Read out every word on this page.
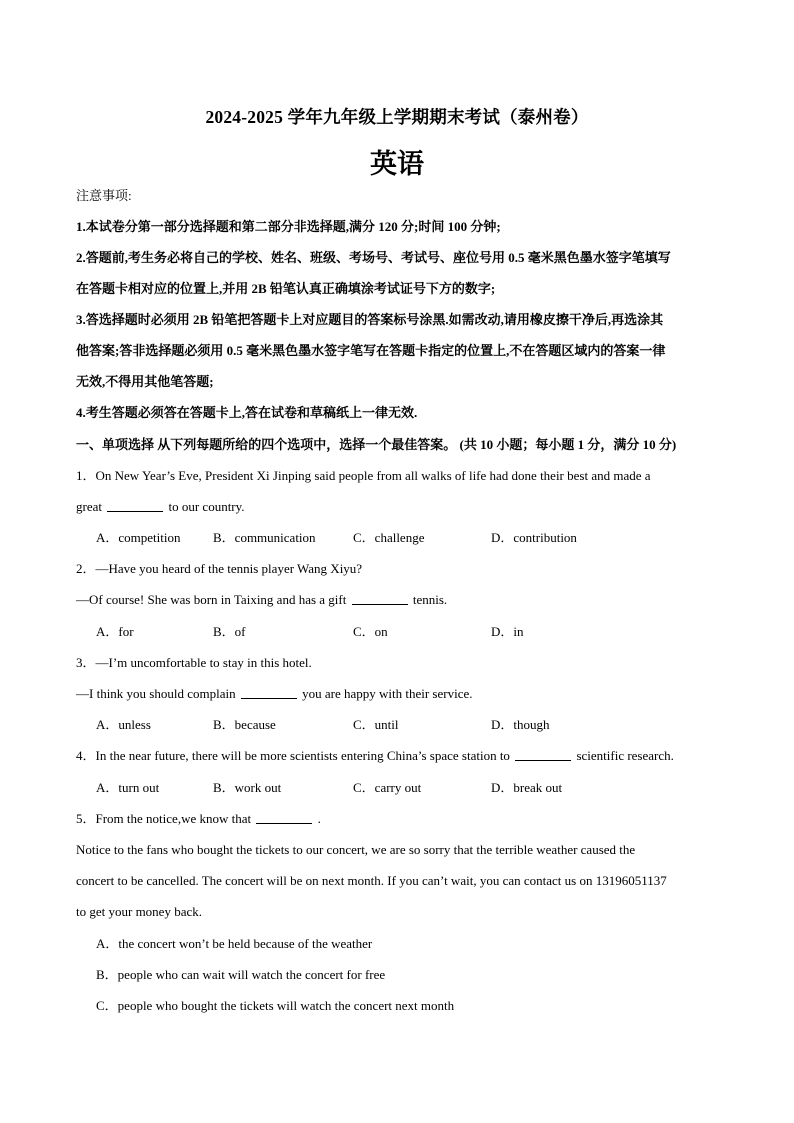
2024-2025 学年九年级上学期期末考试（泰州卷）
英语
注意事项:
1.本试卷分第一部分选择题和第二部分非选择题,满分 120 分;时间 100 分钟;
2.答题前,考生务必将自己的学校、姓名、班级、考场号、考试号、座位号用 0.5 毫米黑色墨水签字笔填写
在答题卡相对应的位置上,并用 2B 铅笔认真正确填涂考试证号下方的数字;
3.答选择题时必须用 2B 铅笔把答题卡上对应题目的答案标号涂黑.如需改动,请用橡皮擦干净后,再选涂其
他答案;答非选择题必须用 0.5 毫米黑色墨水签字笔写在答题卡指定的位置上,不在答题区域内的答案一律
无效,不得用其他笔答题;
4.考生答题必须答在答题卡上,答在试卷和草稿纸上一律无效.
一、单项选择 从下列每题所给的四个选项中，选择一个最佳答案。 (共 10 小题；每小题 1 分，满分 10 分)
1．On New Year’s Eve, President Xi Jinping said people from all walks of life had done their best and made a
great	to our country.
A．competition	B．communication	C．challenge	D．contribution
2．—Have you heard of the tennis player Wang Xiyu?
—Of course! She was born in Taixing and has a gift	tennis.
A．for	B．of	C．on	D．in
3．—I’m uncomfortable to stay in this hotel.
—I think you should complain	you are happy with their service.
A．unless	B．because	C．until	D．though
4．In the near future, there will be more scientists entering China’s space station to	scientific research.
A．turn out	B．work out	C．carry out	D．break out
5．From the notice,we know that	.
Notice to the fans who bought the tickets to our concert, we are so sorry that the terrible weather caused the
concert to be cancelled. The concert will be on next month. If you can’t wait, you can contact us on 13196051137
to get your money back.
A．the concert won’t be held because of the weather
B．people who can wait will watch the concert for free
C．people who bought the tickets will watch the concert next month
